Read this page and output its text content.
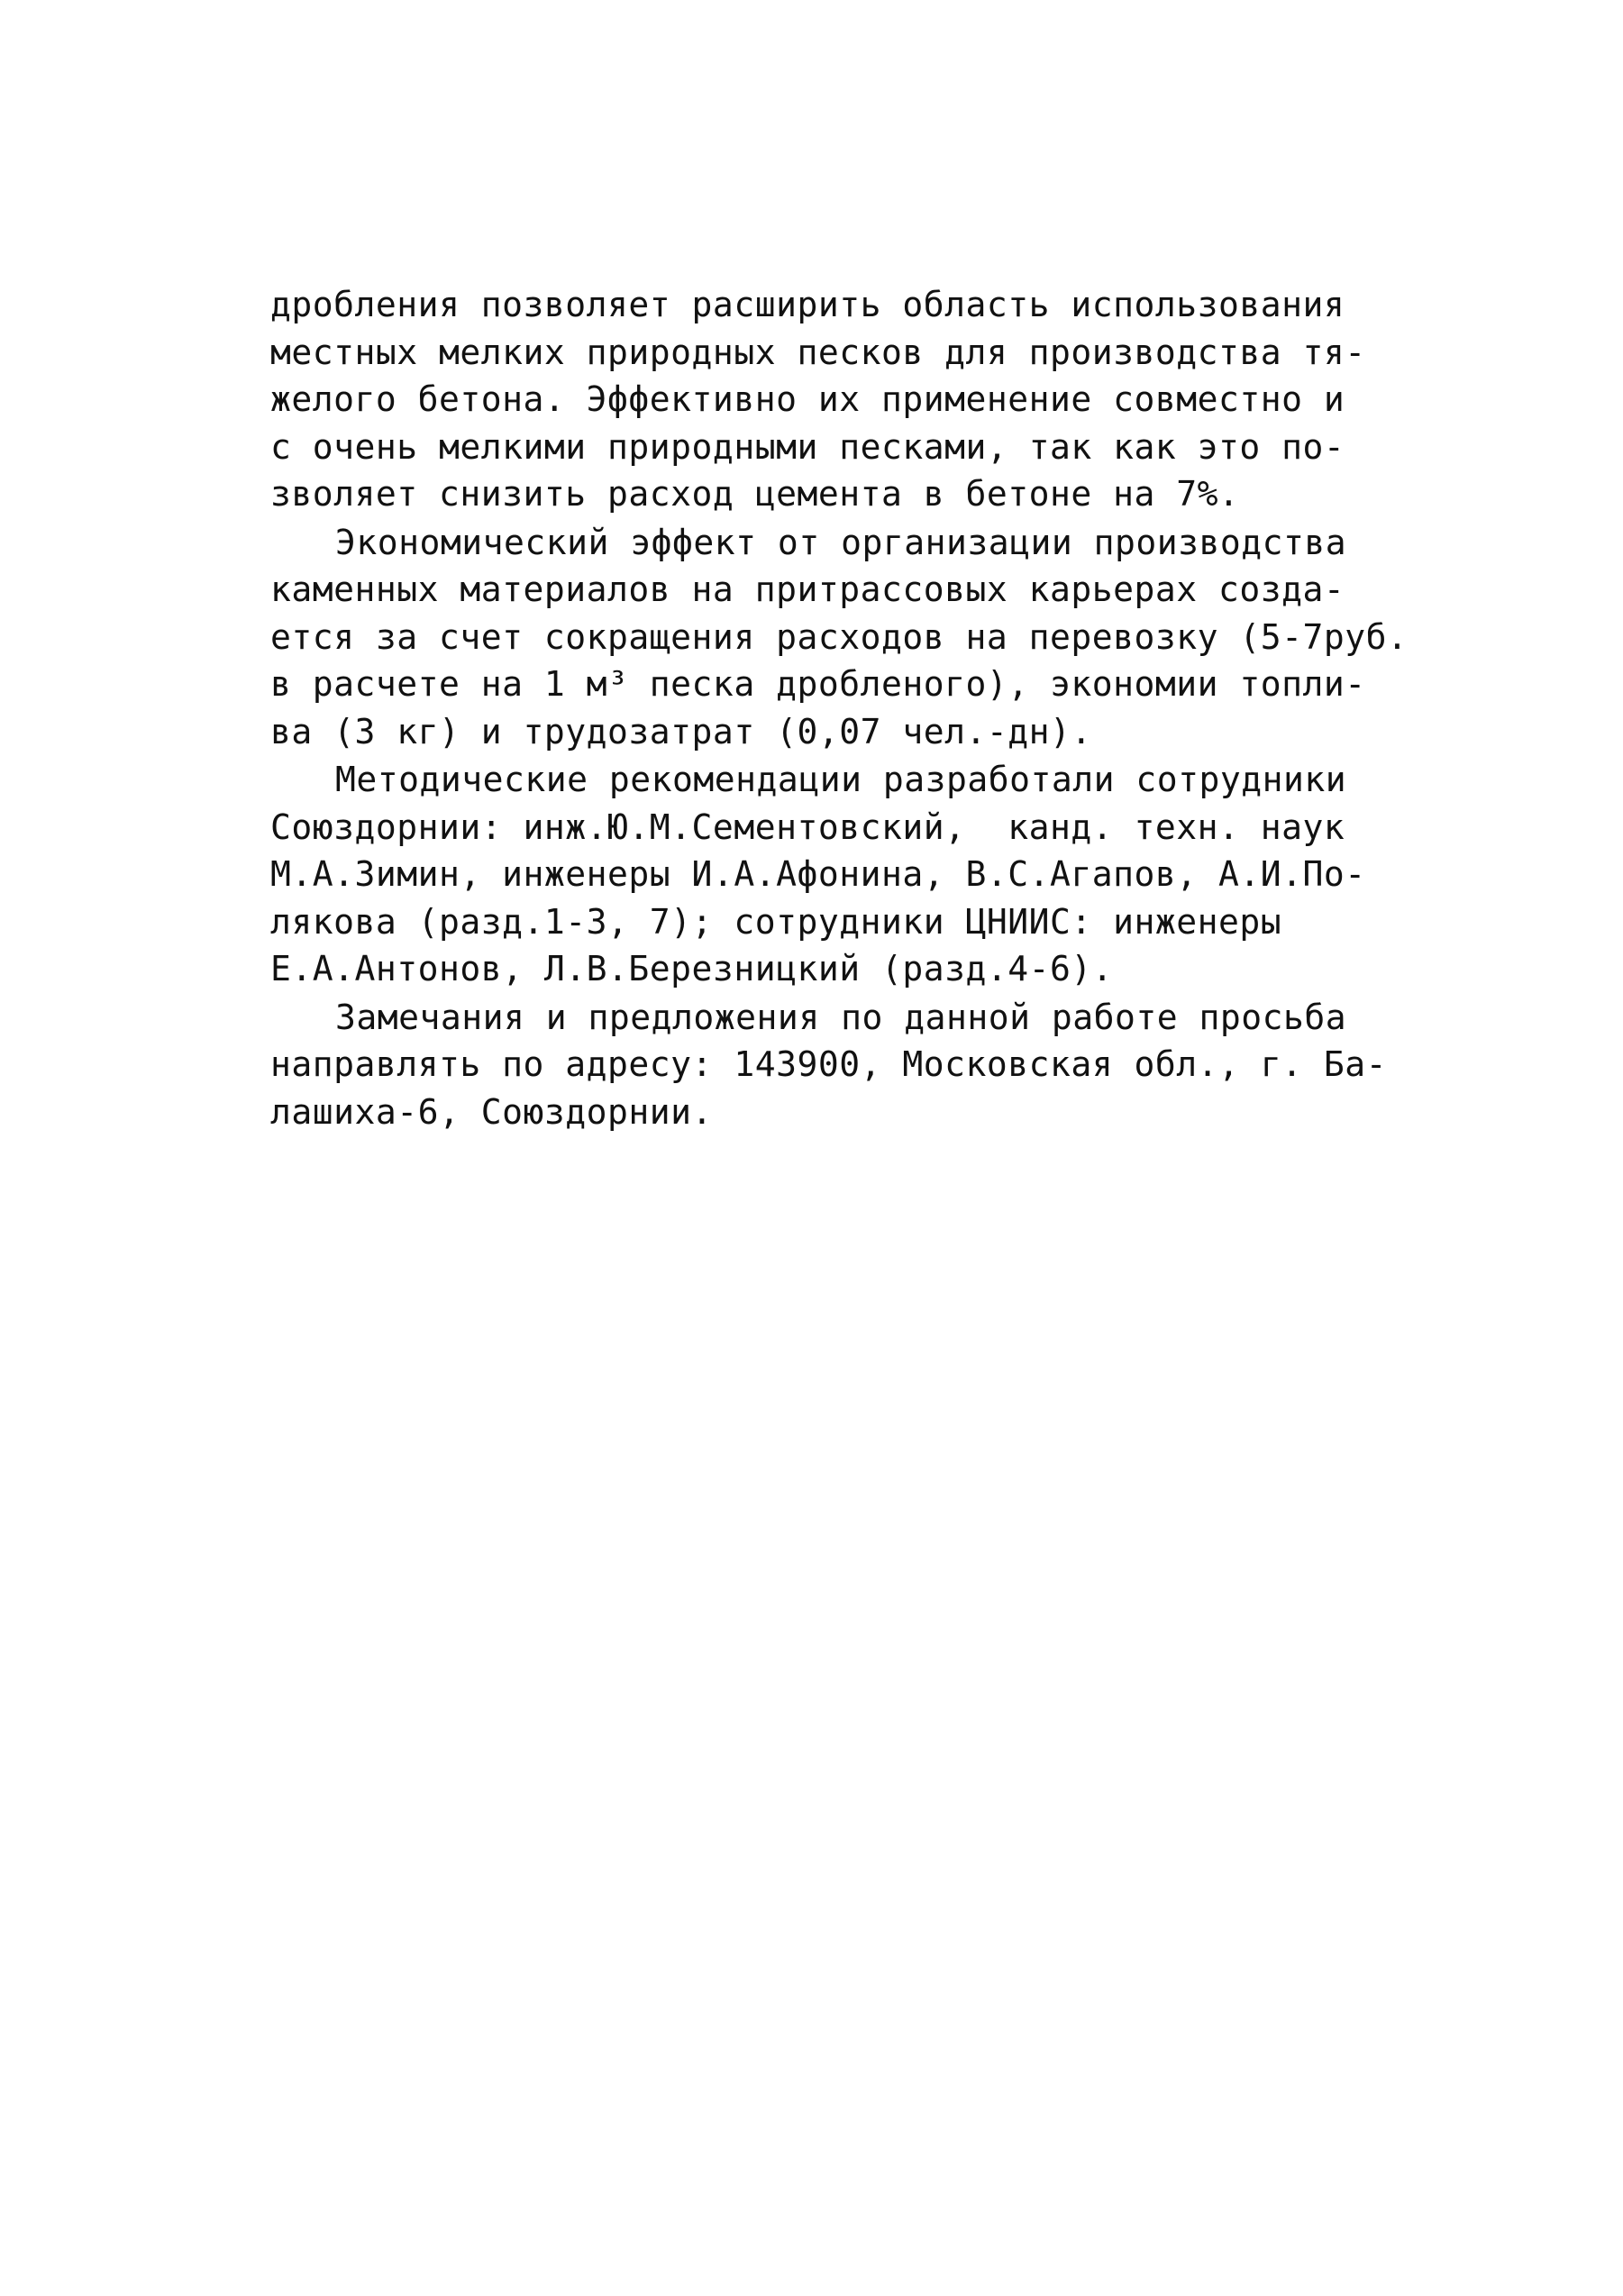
дробления позволяет расширить область использования
местных мелких природных песков для производства тя-
желого бетона. Эффективно их применение совместно и
с очень мелкими природными песками, так как это по-
зволяет снизить расход цемента в бетоне на 7%.
Экономический эффект от организации производства
каменных материалов на притрассовых карьерах созда-
ется за счет сокращения расходов на перевозку (5-7руб.
в расчете на 1 м³ песка дробленого), экономии топли-
ва (3 кг) и трудозатрат (0,07 чел.-дн).
Методические рекомендации разработали сотрудники
Союздорнии: инж.Ю.М.Сементовский,  канд. техн. наук
М.А.Зимин, инженеры И.А.Афонина, В.С.Агапов, А.И.По-
лякова (разд.1-3, 7); сотрудники ЦНИИС: инженеры
Е.А.Антонов, Л.В.Березницкий (разд.4-6).
Замечания и предложения по данной работе просьба
направлять по адресу: 143900, Московская обл., г. Ба-
лашиха-6, Союздорнии.
